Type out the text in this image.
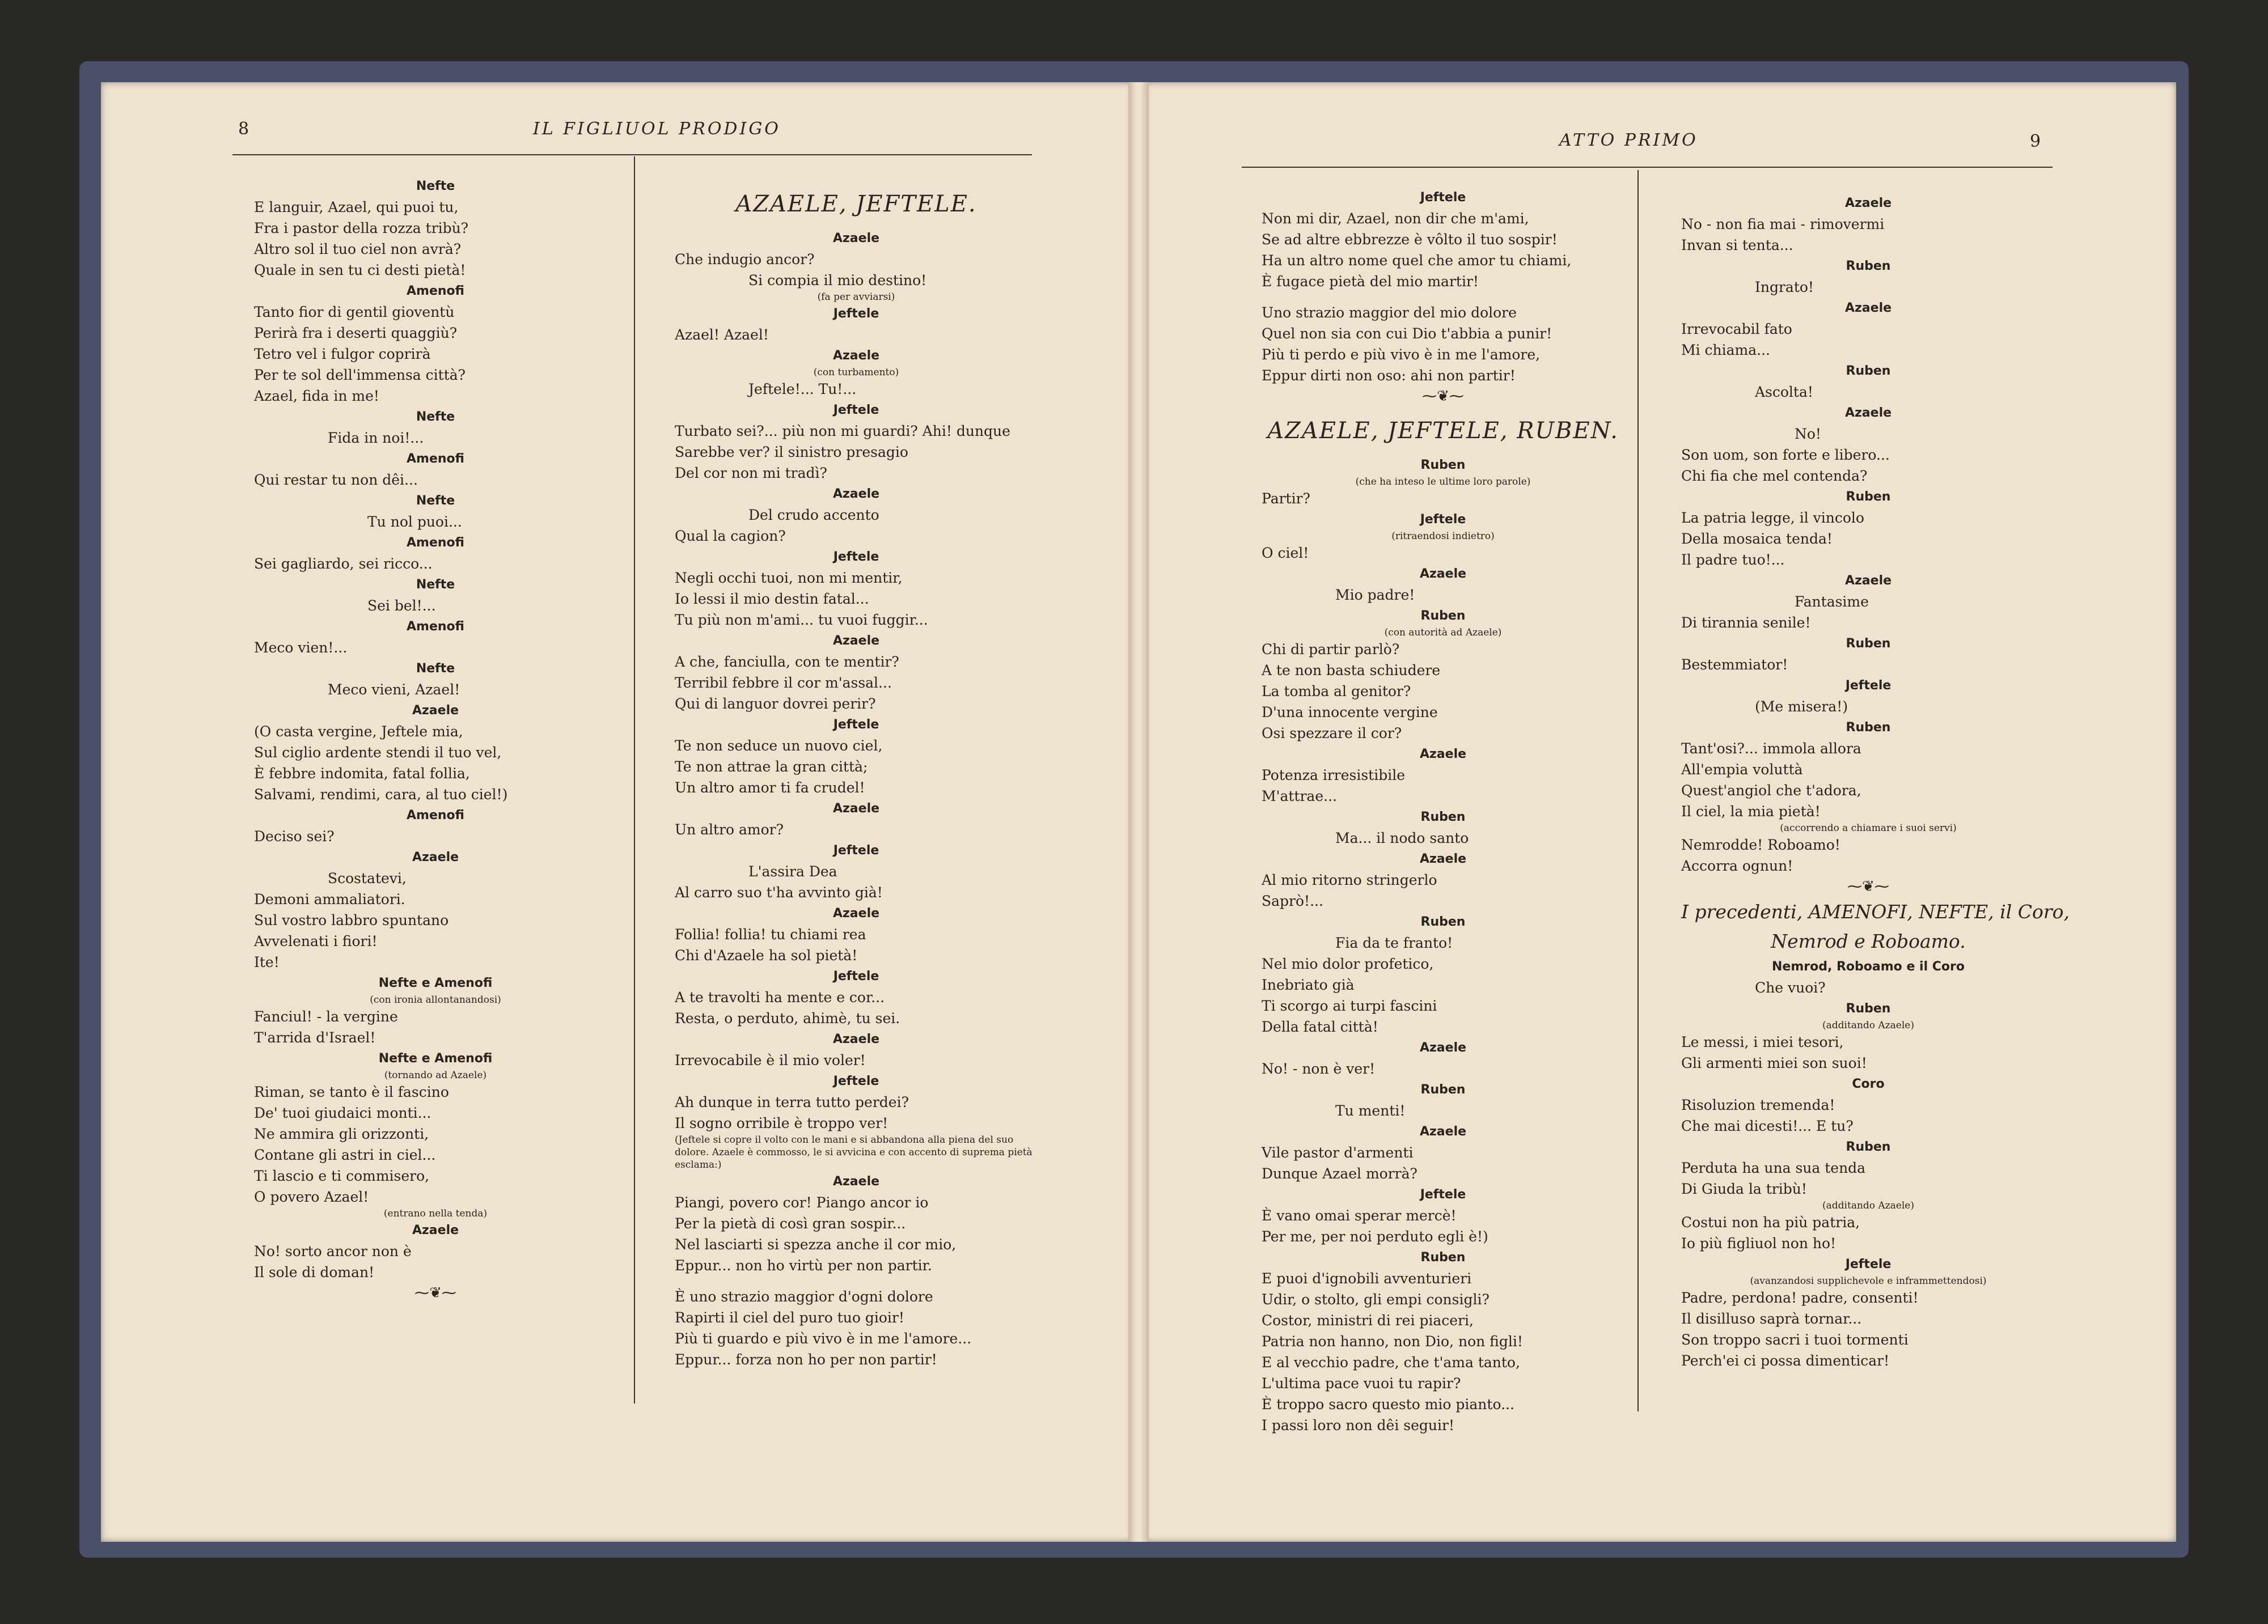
8	IL FIGLIUOL PRODIGO
ATTO PRIMO	9
Nefte
E languir, Azael, qui puoi tu,
Fra i pastor della rozza tribù?
Altro sol il tuo ciel non avrà?
Quale in sen tu ci desti pietà!
Amenofi
Tanto fior di gentil gioventù
Perirà fra i deserti quaggiù?
Tetro vel i fulgor coprirà
Per te sol dell'immensa città?
Azael, fida in me!
Nefte
Fida in noi!...
Amenofi
Qui restar tu non dêi...
Nefte
Tu nol puoi...
Amenofi
Sei gagliardo, sei ricco...
Nefte
Sei bel!...
Amenofi
Meco vien!...
Nefte
Meco vieni, Azael!
Azaele
(O casta vergine, Jeftele mia,
Sul ciglio ardente stendi il tuo vel,
È febbre indomita, fatal follia,
Salvami, rendimi, cara, al tuo ciel!)
Amenofi
Deciso sei?
Azaele
Scostatevi,
Demoni ammaliatori.
Sul vostro labbro spuntano
Avvelenati i fiori!
Ite!
Nefte e Amenofi
(con ironia allontanandosi)
Fanciul! - la vergine
T'arrida d'Israel!
Nefte e Amenofi
(tornando ad Azaele)
Riman, se tanto è il fascino
De' tuoi giudaici monti...
Ne ammira gli orizzonti,
Contane gli astri in ciel...
Ti lascio e ti commisero,
O povero Azael!
(entrano nella tenda)
Azaele
No! sorto ancor non è
Il sole di doman!
⁓❦⁓
AZAELE, JEFTELE.
Azaele
Che indugio ancor?
Si compia il mio destino!
(fa per avviarsi)
Jeftele
Azael! Azael!
Azaele
(con turbamento)
Jeftele!... Tu!...
Jeftele
Turbato sei?... più non mi guardi? Ahi! dunque
Sarebbe ver? il sinistro presagio
Del cor non mi tradì?
Azaele
Del crudo accento
Qual la cagion?
Jeftele
Negli occhi tuoi, non mi mentir,
Io lessi il mio destin fatal...
Tu più non m'ami... tu vuoi fuggir...
Azaele
A che, fanciulla, con te mentir?
Terribil febbre il cor m'assal...
Qui di languor dovrei perir?
Jeftele
Te non seduce un nuovo ciel,
Te non attrae la gran città;
Un altro amor ti fa crudel!
Azaele
Un altro amor?
Jeftele
L'assira Dea
Al carro suo t'ha avvinto già!
Azaele
Follia! follia! tu chiami rea
Chi d'Azaele ha sol pietà!
Jeftele
A te travolti ha mente e cor...
Resta, o perduto, ahimè, tu sei.
Azaele
Irrevocabile è il mio voler!
Jeftele
Ah dunque in terra tutto perdei?
Il sogno orribile è troppo ver!
(Jeftele si copre il volto con le mani e si abbandona alla piena del suo dolore. Azaele è commosso, le si avvicina e con accento di suprema pietà esclama:)
Azaele
Piangi, povero cor! Piango ancor io
Per la pietà di così gran sospir...
Nel lasciarti si spezza anche il cor mio,
Eppur... non ho virtù per non partir.
È uno strazio maggior d'ogni dolore
Rapirti il ciel del puro tuo gioir!
Più ti guardo e più vivo è in me l'amore...
Eppur... forza non ho per non partir!
Jeftele
Non mi dir, Azael, non dir che m'ami,
Se ad altre ebbrezze è vôlto il tuo sospir!
Ha un altro nome quel che amor tu chiami,
È fugace pietà del mio martir!
Uno strazio maggior del mio dolore
Quel non sia con cui Dio t'abbia a punir!
Più ti perdo e più vivo è in me l'amore,
Eppur dirti non oso: ahi non partir!
⁓❦⁓
AZAELE, JEFTELE, RUBEN.
Ruben
(che ha inteso le ultime loro parole)
Partir?
Jeftele
(ritraendosi indietro)
O ciel!
Azaele
Mio padre!
Ruben
(con autorità ad Azaele)
Chi di partir parlò?
A te non basta schiudere
La tomba al genitor?
D'una innocente vergine
Osi spezzare il cor?
Azaele
Potenza irresistibile
M'attrae...
Ruben
Ma... il nodo santo
Azaele
Al mio ritorno stringerlo
Saprò!...
Ruben
Fia da te franto!
Nel mio dolor profetico,
Inebriato già
Ti scorgo ai turpi fascini
Della fatal città!
Azaele
No! - non è ver!
Ruben
Tu menti!
Azaele
Vile pastor d'armenti
Dunque Azael morrà?
Jeftele
È vano omai sperar mercè!
Per me, per noi perduto egli è!)
Ruben
E puoi d'ignobili avventurieri
Udir, o stolto, gli empi consigli?
Costor, ministri di rei piaceri,
Patria non hanno, non Dio, non figli!
E al vecchio padre, che t'ama tanto,
L'ultima pace vuoi tu rapir?
È troppo sacro questo mio pianto...
I passi loro non dêi seguir!
Azaele
No - non fia mai - rimovermi
Invan si tenta...
Ruben
Ingrato!
Azaele
Irrevocabil fato
Mi chiama...
Ruben
Ascolta!
Azaele
No!
Son uom, son forte e libero...
Chi fia che mel contenda?
Ruben
La patria legge, il vincolo
Della mosaica tenda!
Il padre tuo!...
Azaele
Fantasime
Di tirannia senile!
Ruben
Bestemmiator!
Jeftele
(Me misera!)
Ruben
Tant'osi?... immola allora
All'empia voluttà
Quest'angiol che t'adora,
Il ciel, la mia pietà!
(accorrendo a chiamare i suoi servi)
Nemrodde! Roboamo!
Accorra ognun!
⁓❦⁓
I precedenti, AMENOFI, NEFTE, il Coro,
Nemrod e Roboamo.
Nemrod, Roboamo e il Coro
Che vuoi?
Ruben
(additando Azaele)
Le messi, i miei tesori,
Gli armenti miei son suoi!
Coro
Risoluzion tremenda!
Che mai dicesti!... E tu?
Ruben
Perduta ha una sua tenda
Di Giuda la tribù!
(additando Azaele)
Costui non ha più patria,
Io più figliuol non ho!
Jeftele
(avanzandosi supplichevole e inframmettendosi)
Padre, perdona! padre, consenti!
Il disilluso saprà tornar...
Son troppo sacri i tuoi tormenti
Perch'ei ci possa dimenticar!
